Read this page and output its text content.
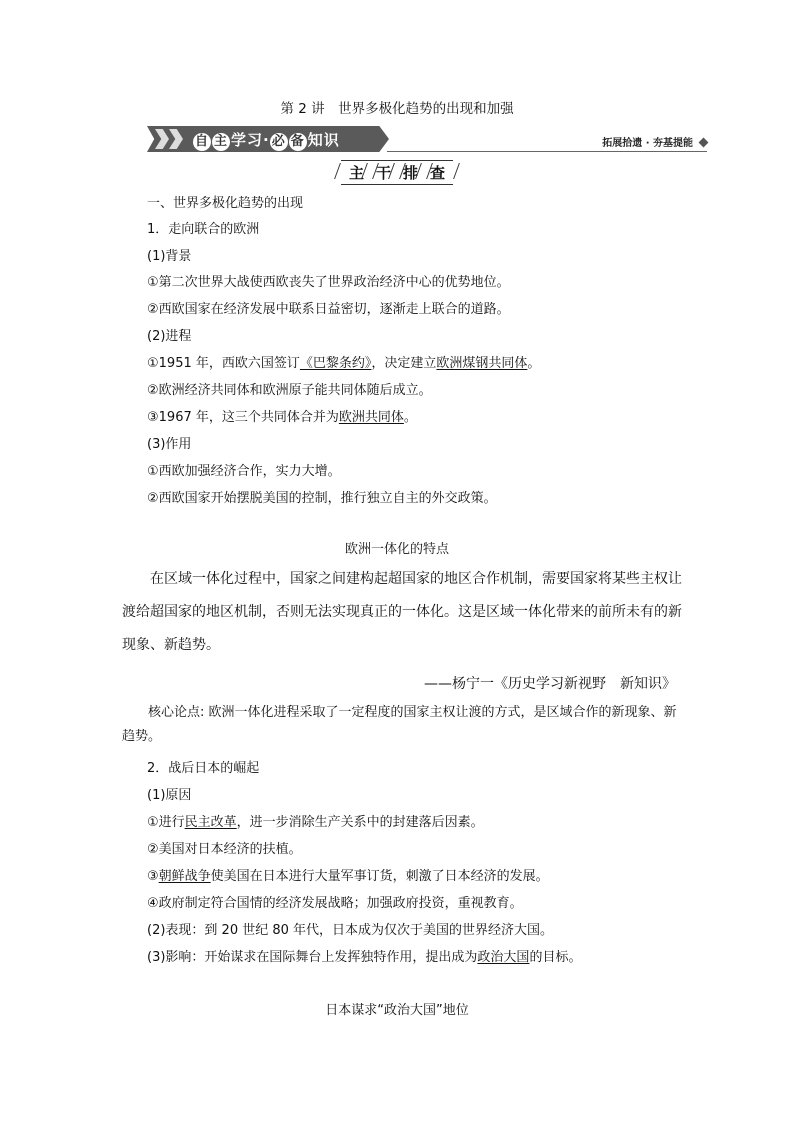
第 2 讲　世界多极化趋势的出现和加强
自 主 学习· 必 备 知识	拓展拾遗 · 夯基提能
主 干 排 查
一、世界多极化趋势的出现
1．走向联合的欧洲
(1)背景
①第二次世界大战使西欧丧失了世界政治经济中心的优势地位。
②西欧国家在经济发展中联系日益密切，逐渐走上联合的道路。
(2)进程
①1951 年，西欧六国签订《巴黎条约》，决定建立欧洲煤钢共同体。
②欧洲经济共同体和欧洲原子能共同体随后成立。
③1967 年，这三个共同体合并为欧洲共同体。
(3)作用
①西欧加强经济合作，实力大增。
②西欧国家开始摆脱美国的控制，推行独立自主的外交政策。
欧洲一体化的特点
在区域一体化过程中，国家之间建构起超国家的地区合作机制，需要国家将某些主权让渡给超国家的地区机制，否则无法实现真正的一体化。这是区域一体化带来的前所未有的新现象、新趋势。
——杨宁一《历史学习新视野　新知识》
核心论点: 欧洲一体化进程采取了一定程度的国家主权让渡的方式，是区域合作的新现象、新趋势。
2．战后日本的崛起
(1)原因
①进行民主改革，进一步消除生产关系中的封建落后因素。
②美国对日本经济的扶植。
③朝鲜战争使美国在日本进行大量军事订货，刺激了日本经济的发展。
④政府制定符合国情的经济发展战略；加强政府投资，重视教育。
(2)表现：到 20 世纪 80 年代，日本成为仅次于美国的世界经济大国。
(3)影响：开始谋求在国际舞台上发挥独特作用，提出成为政治大国的目标。
日本谋求“政治大国”地位
